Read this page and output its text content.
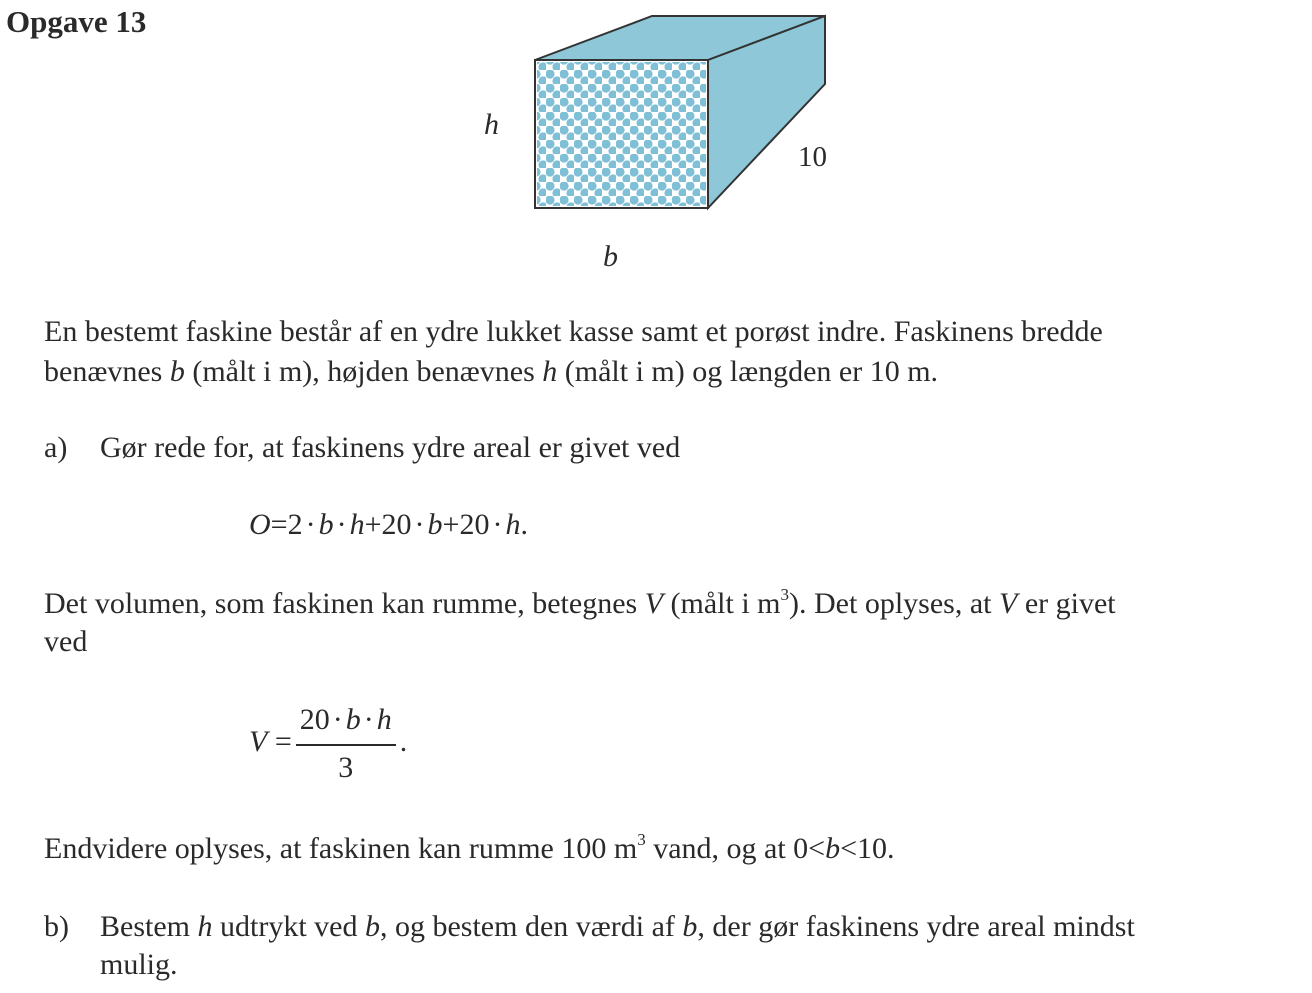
Opgave 13
h
10
b
En bestemt faskine består af en ydre lukket kasse samt et porøst indre. Faskinens bredde
benævnes b (målt i m), højden benævnes h (målt i m) og længden er 10 m.
a) Gør rede for, at faskinens ydre areal er givet ved
O=2 · b · h+20 · b+20 · h.
Det volumen, som faskinen kan rumme, betegnes V (målt i $m^3$). Det oplyses, at V er givet
ved
$V = \frac{20 \cdot b \cdot h}{3}$ .
Endvidere oplyses, at faskinen kan rumme 100 $m^3$ vand, og at 0<b<10.
b) Bestem h udtrykt ved b, og bestem den værdi af b, der gør faskinens ydre areal mindst
mulig.
